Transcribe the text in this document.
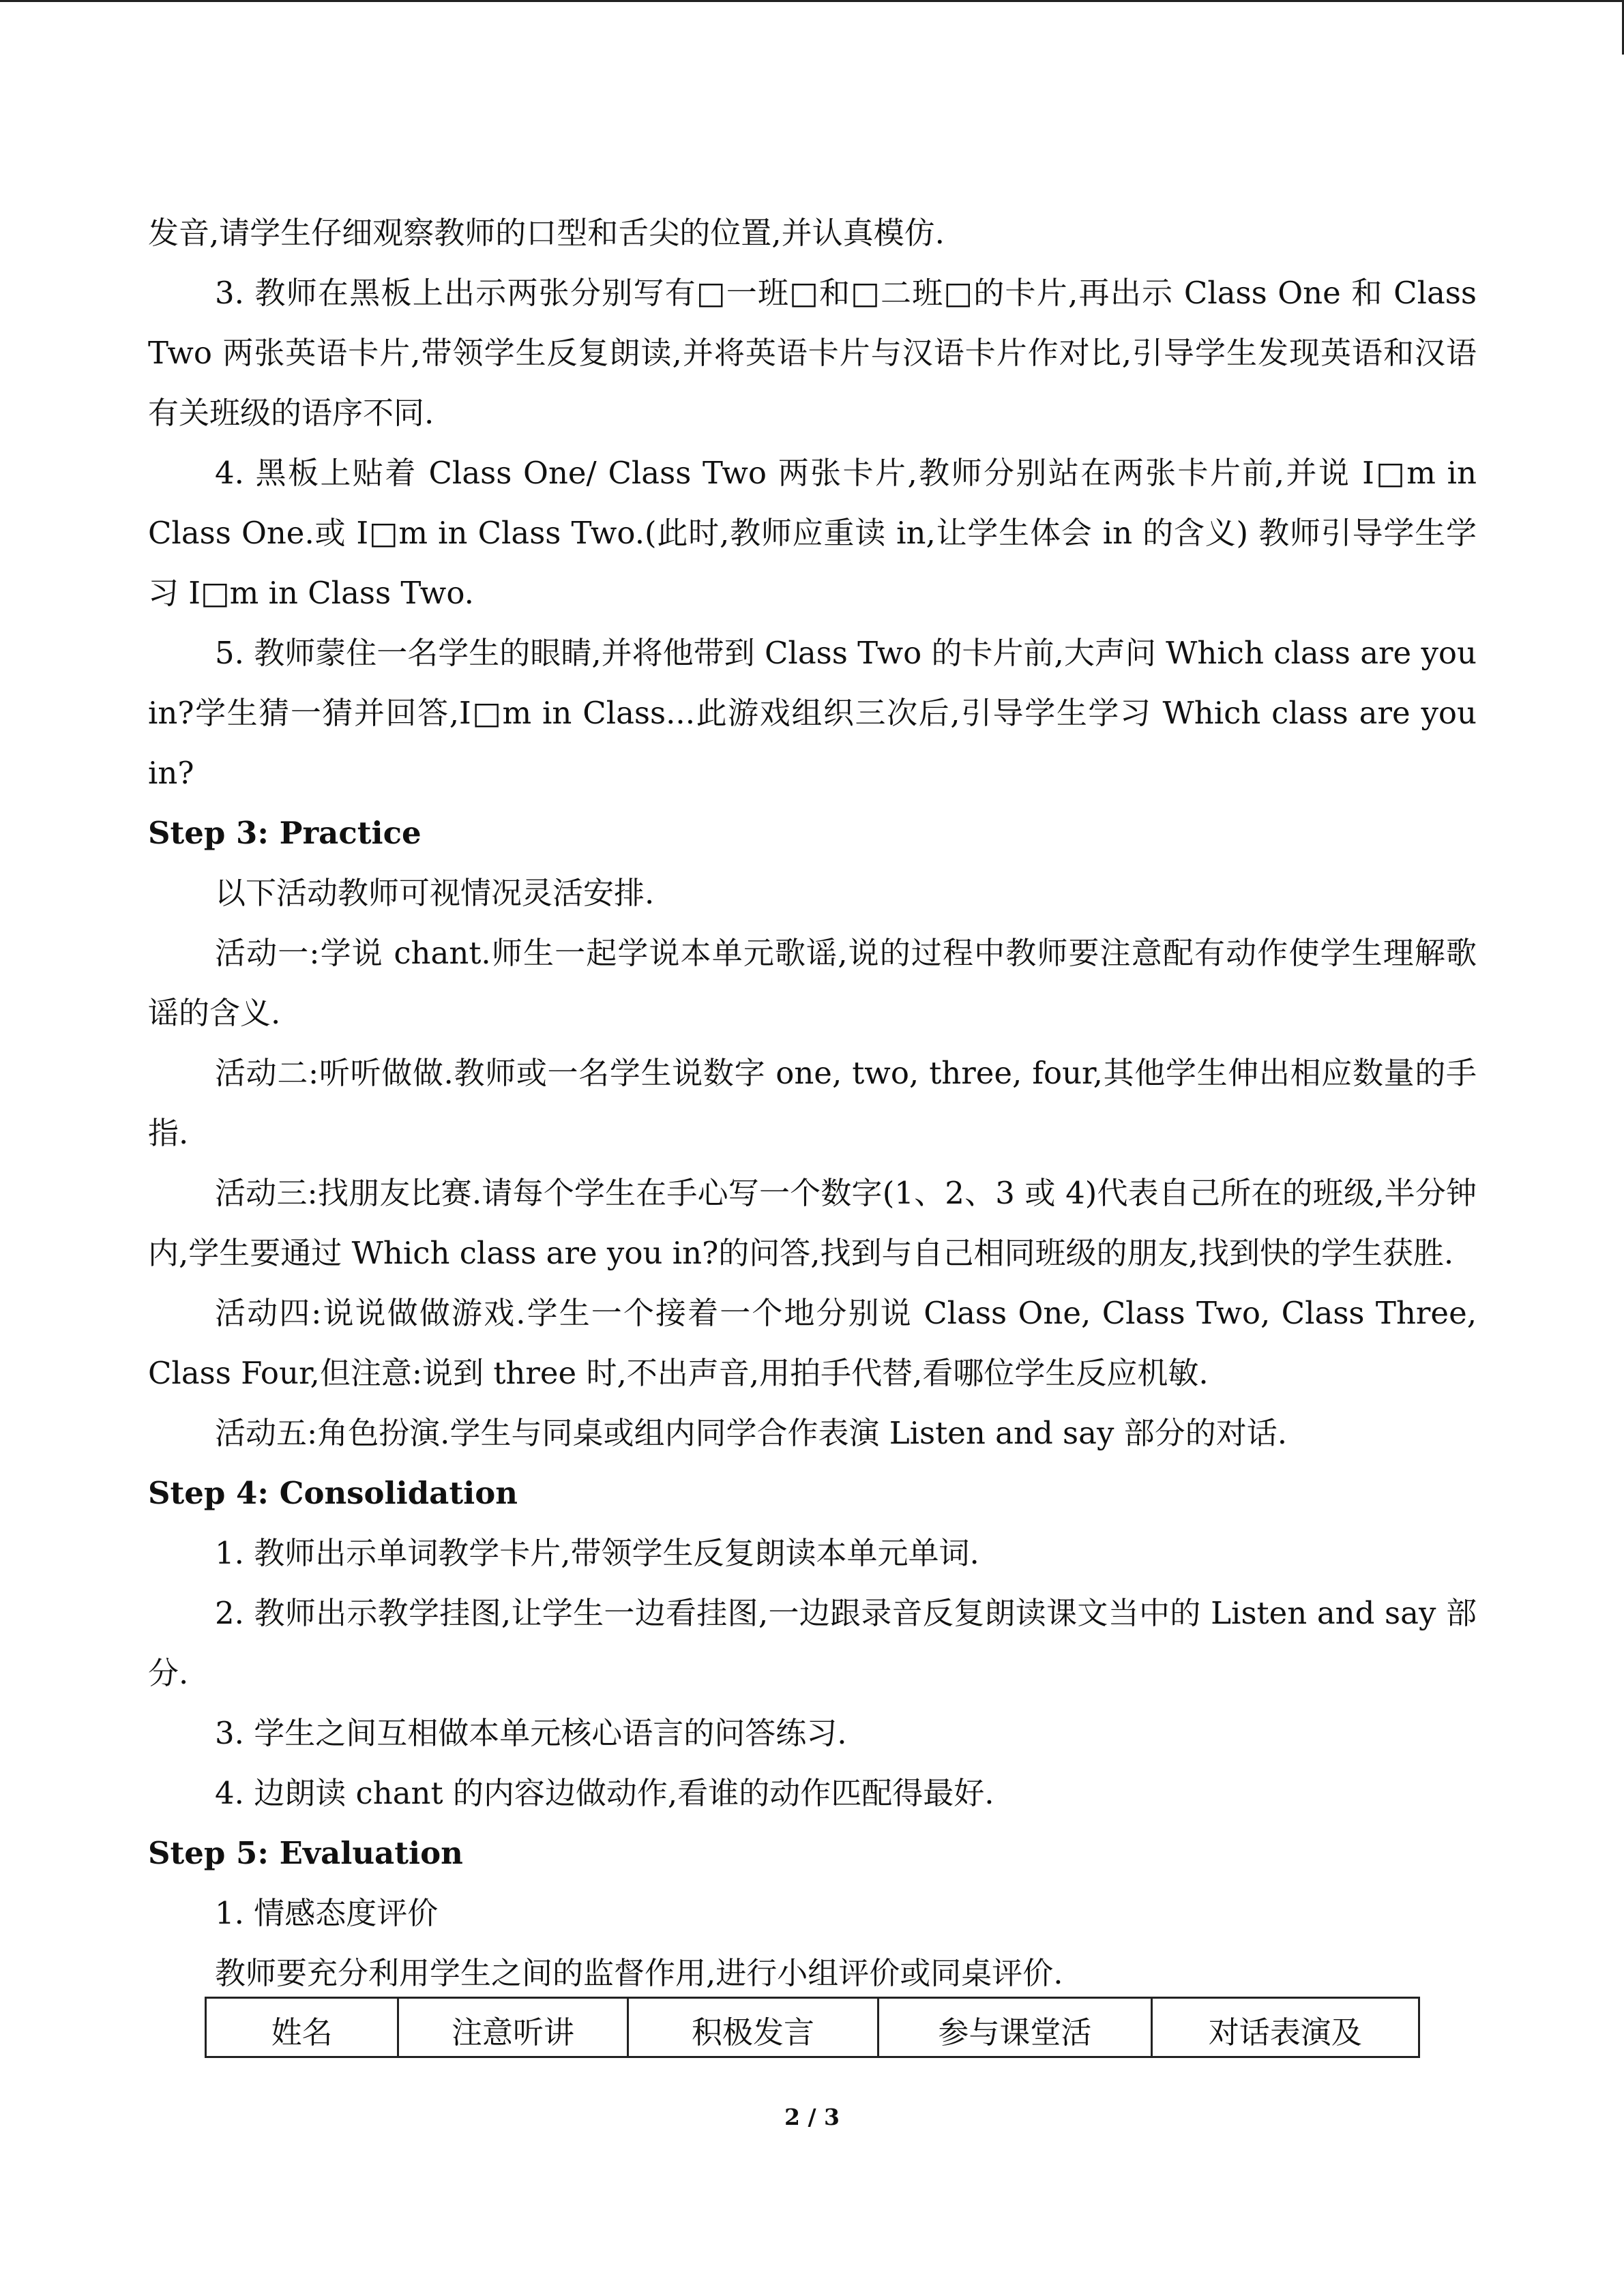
发音,请学生仔细观察教师的口型和舌尖的位置,并认真模仿.

3. 教师在黑板上出示两张分别写有□一班□和□二班□的卡片,再出示 Class One 和 Class Two 两张英语卡片,带领学生反复朗读,并将英语卡片与汉语卡片作对比,引导学生发现英语和汉语有关班级的语序不同.

4. 黑板上贴着 Class One/ Class Two 两张卡片,教师分别站在两张卡片前,并说 I□m in Class One.或 I□m in Class Two.(此时,教师应重读 in,让学生体会 in 的含义) 教师引导学生学习 I□m in Class Two.

5. 教师蒙住一名学生的眼睛,并将他带到 Class Two 的卡片前,大声问 Which class are you in?学生猜一猜并回答,I□m in Class...此游戏组织三次后,引导学生学习 Which class are you in?

Step 3: Practice

以下活动教师可视情况灵活安排.

活动一:学说 chant.师生一起学说本单元歌谣,说的过程中教师要注意配有动作使学生理解歌谣的含义.

活动二:听听做做.教师或一名学生说数字 one, two, three, four,其他学生伸出相应数量的手指.

活动三:找朋友比赛.请每个学生在手心写一个数字(1、2、3 或 4)代表自己所在的班级,半分钟内,学生要通过 Which class are you in?的问答,找到与自己相同班级的朋友,找到快的学生获胜.

活动四:说说做做游戏.学生一个接着一个地分别说 Class One, Class Two, Class Three, Class Four,但注意:说到 three 时,不出声音,用拍手代替,看哪位学生反应机敏.

活动五:角色扮演.学生与同桌或组内同学合作表演 Listen and say 部分的对话.

Step 4: Consolidation

1. 教师出示单词教学卡片,带领学生反复朗读本单元单词.

2. 教师出示教学挂图,让学生一边看挂图,一边跟录音反复朗读课文当中的 Listen and say 部分.

3. 学生之间互相做本单元核心语言的问答练习.

4. 边朗读 chant 的内容边做动作,看谁的动作匹配得最好.

Step 5: Evaluation

1. 情感态度评价

教师要充分利用学生之间的监督作用,进行小组评价或同桌评价.

姓名	注意听讲	积极发言	参与课堂活	对话表演及
2 / 3
